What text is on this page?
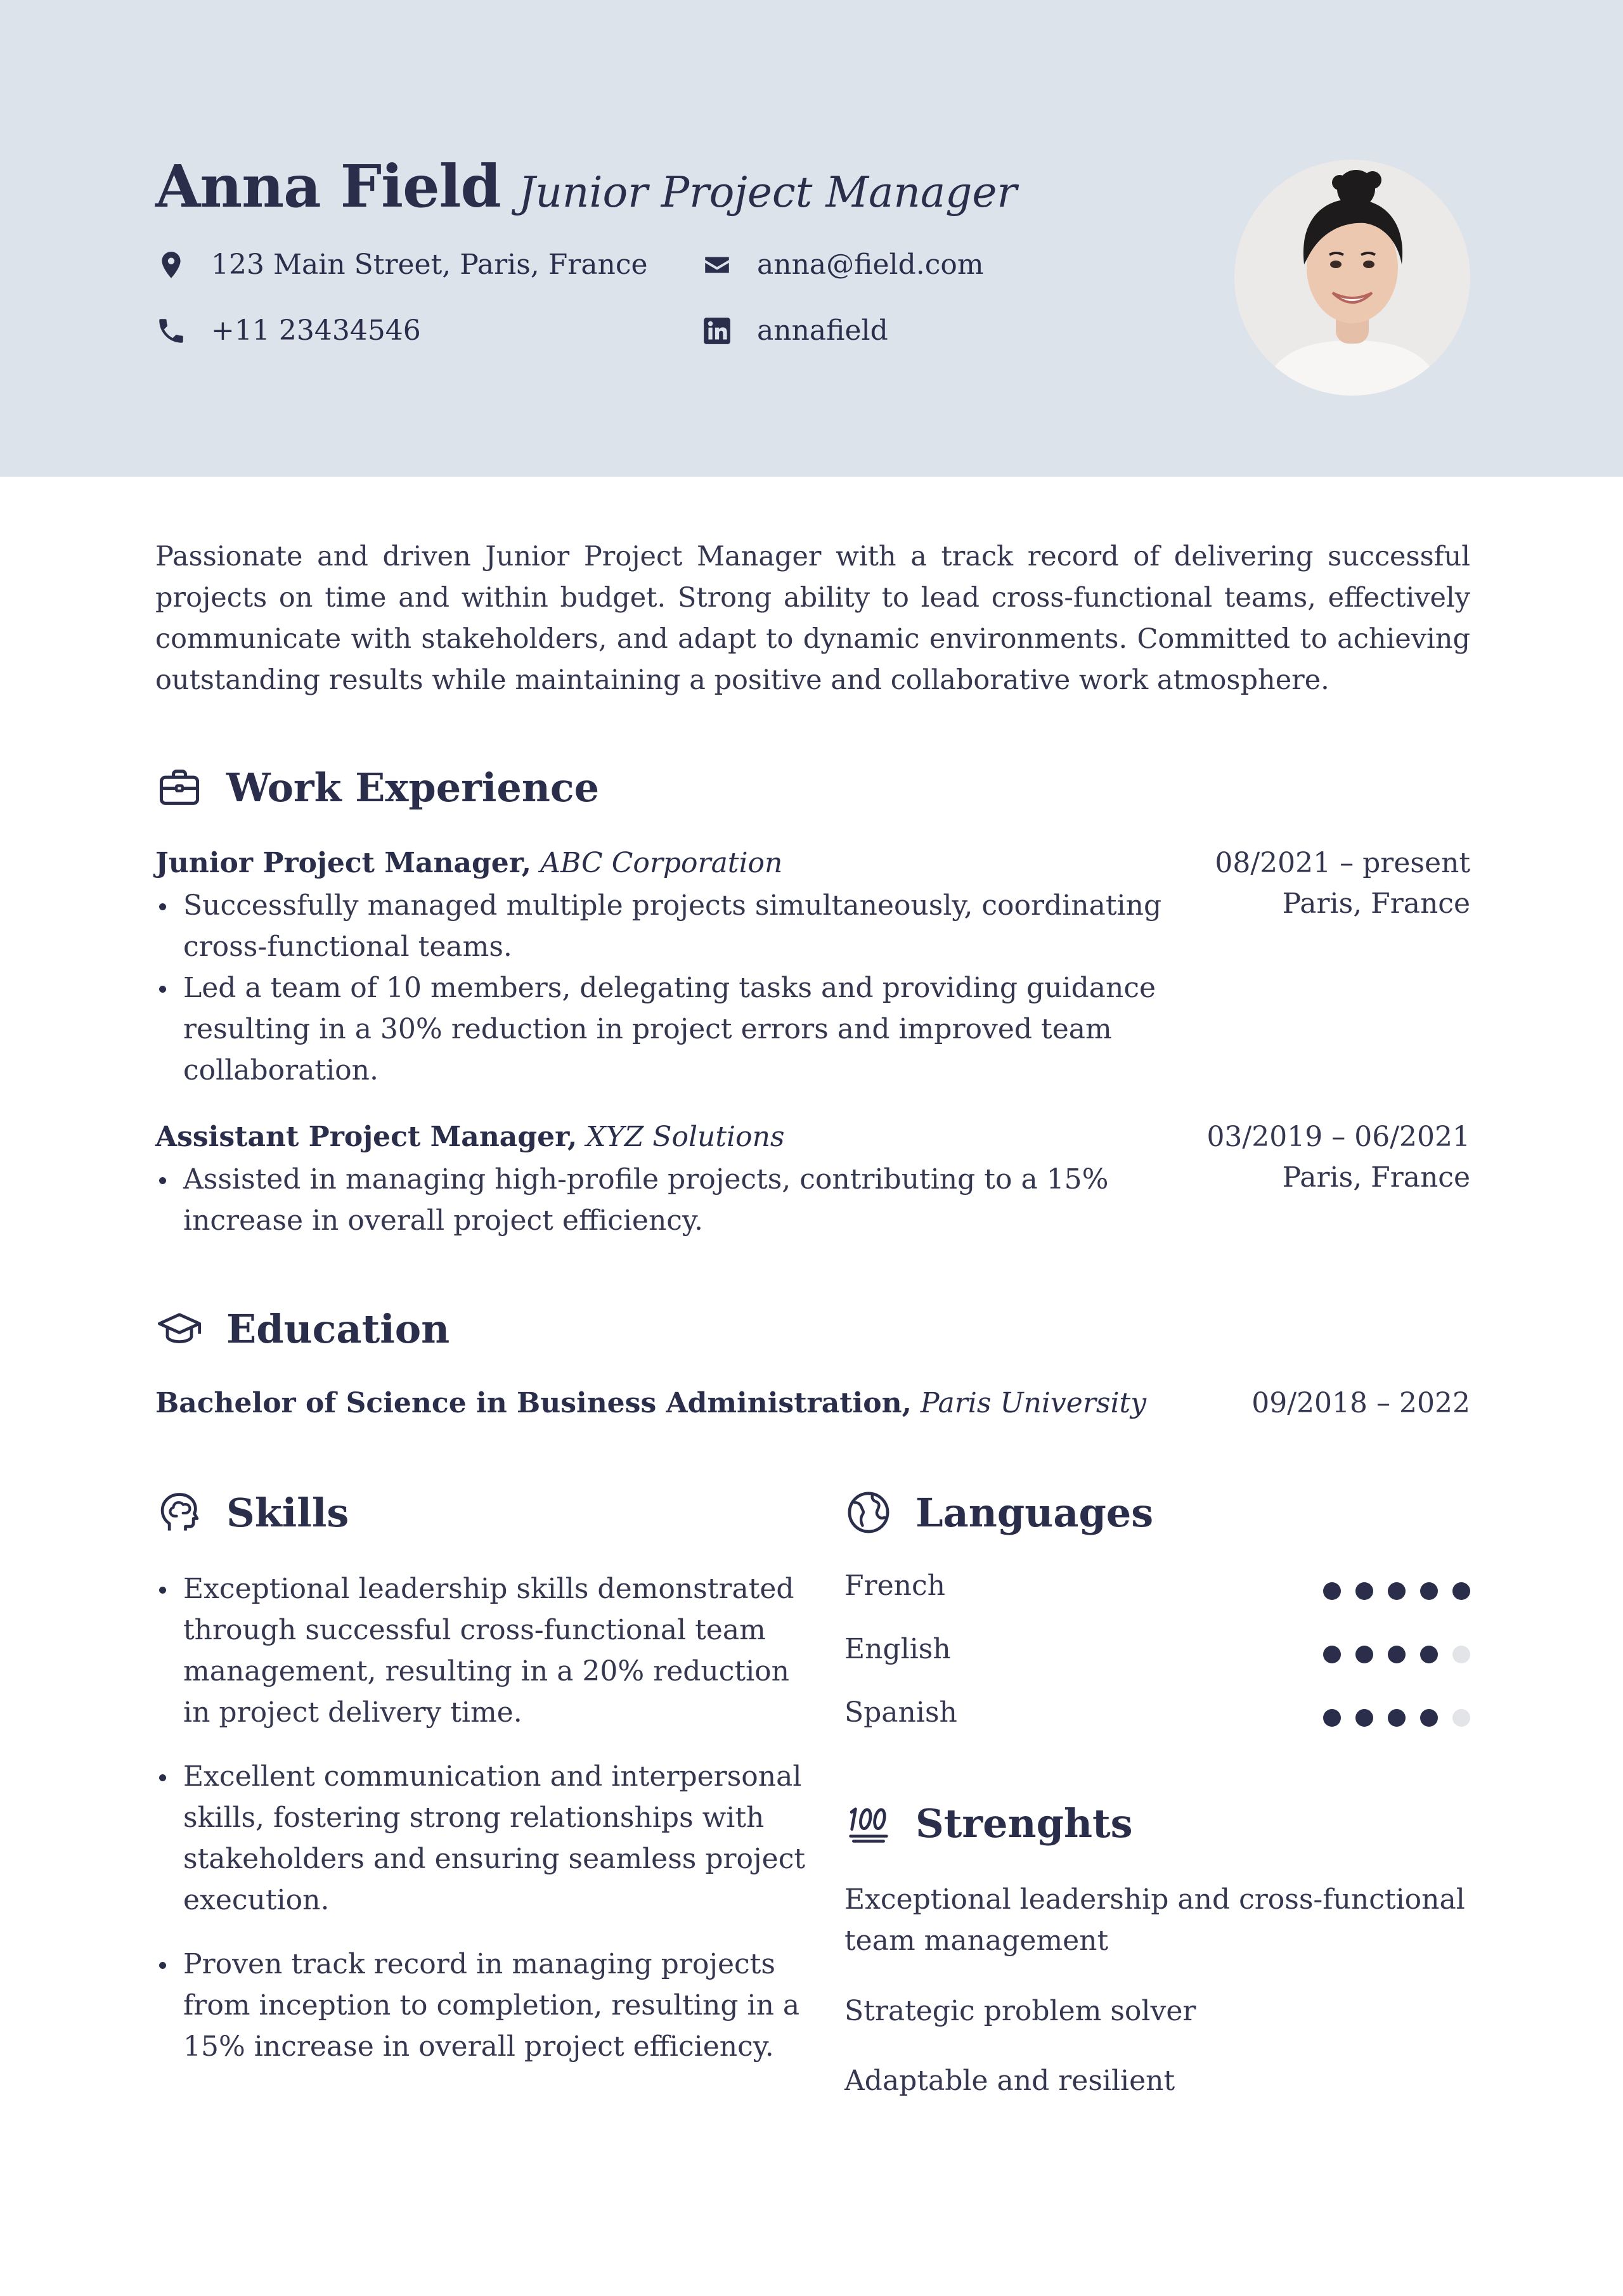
Anna Field Junior Project Manager
123 Main Street, Paris, France	anna@field.com
+11 23434546	annafield
Passionate and driven Junior Project Manager with a track record of delivering successful projects on time and within budget. Strong ability to lead cross-functional teams, effectively communicate with stakeholders, and adapt to dynamic environments. Committed to achieving outstanding results while maintaining a positive and collaborative work atmosphere.
Work Experience
Junior Project Manager, ABC Corporation	08/2021 – present
Paris, France
Successfully managed multiple projects simultaneously, coordinating cross-functional teams.
Led a team of 10 members, delegating tasks and providing guidance resulting in a 30% reduction in project errors and improved team collaboration.
Assistant Project Manager, XYZ Solutions	03/2019 – 06/2021
Paris, France
Assisted in managing high-profile projects, contributing to a 15% increase in overall project efficiency.
Education
Bachelor of Science in Business Administration, Paris University	09/2018 – 2022
Skills
Exceptional leadership skills demonstrated through successful cross-functional team management, resulting in a 20% reduction in project delivery time.
Excellent communication and interpersonal skills, fostering strong relationships with stakeholders and ensuring seamless project execution.
Proven track record in managing projects from inception to completion, resulting in a 15% increase in overall project efficiency.
Languages
French
English
Spanish
Strenghts
Exceptional leadership and cross-functional team management
Strategic problem solver
Adaptable and resilient
